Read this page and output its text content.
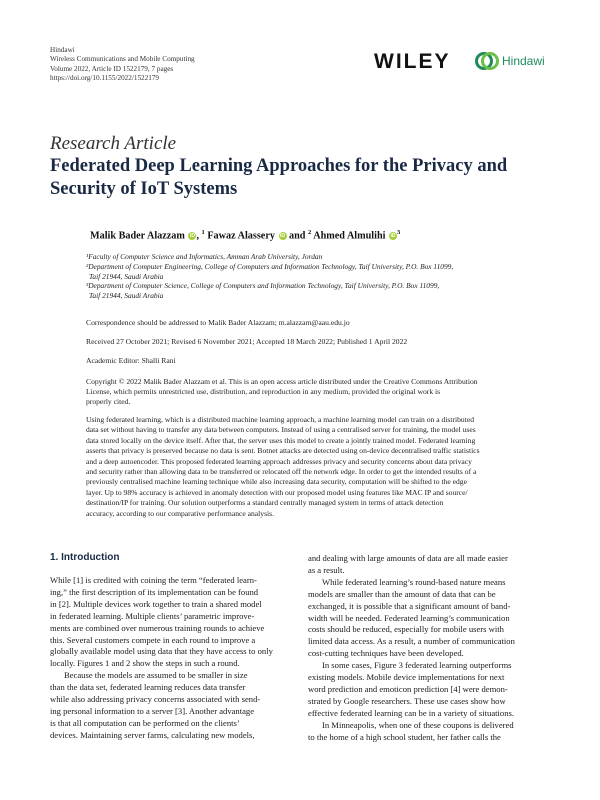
Hindawi
Wireless Communications and Mobile Computing
Volume 2022, Article ID 1522179, 7 pages
https://doi.org/10.1155/2022/1522179
WILEY	Hindawi
Research Article
Federated Deep Learning Approaches for the Privacy and
Security of IoT Systems
Malik Bader Alazzam iD , $^1$ Fawaz Alassery iD and $^2$ Ahmed Almulihi $iD^3$
¹Faculty of Computer Science and Informatics, Amman Arab University, Jordan
²Department of Computer Engineering, College of Computers and Information Technology, Taif University, P.O. Box 11099,
Taif 21944, Saudi Arabia
³Department of Computer Science, College of Computers and Information Technology, Taif University, P.O. Box 11099,
Taif 21944, Saudi Arabia
Correspondence should be addressed to Malik Bader Alazzam; m.alazzam@aau.edu.jo
Received 27 October 2021; Revised 6 November 2021; Accepted 18 March 2022; Published 1 April 2022
Academic Editor: Shalli Rani
Copyright © 2022 Malik Bader Alazzam et al. This is an open access article distributed under the Creative Commons Attribution
License, which permits unrestricted use, distribution, and reproduction in any medium, provided the original work is
properly cited.
Using federated learning, which is a distributed machine learning approach, a machine learning model can train on a distributed
data set without having to transfer any data between computers. Instead of using a centralised server for training, the model uses
data stored locally on the device itself. After that, the server uses this model to create a jointly trained model. Federated learning
asserts that privacy is preserved because no data is sent. Botnet attacks are detected using on-device decentralised traffic statistics
and a deep autoencoder. This proposed federated learning approach addresses privacy and security concerns about data privacy
and security rather than allowing data to be transferred or relocated off the network edge. In order to get the intended results of a
previously centralised machine learning technique while also increasing data security, computation will be shifted to the edge
layer. Up to 98% accuracy is achieved in anomaly detection with our proposed model using features like MAC IP and source/
destination/IP for training. Our solution outperforms a standard centrally managed system in terms of attack detection
accuracy, according to our comparative performance analysis.
1. Introduction
While [1] is credited with coining the term “federated learn-
ing,” the first description of its implementation can be found
in [2]. Multiple devices work together to train a shared model
in federated learning. Multiple clients’ parametric improve-
ments are combined over numerous training rounds to achieve
this. Several customers compete in each round to improve a
globally available model using data that they have access to only
locally. Figures 1 and 2 show the steps in such a round.
Because the models are assumed to be smaller in size
than the data set, federated learning reduces data transfer
while also addressing privacy concerns associated with send-
ing personal information to a server [3]. Another advantage
is that all computation can be performed on the clients’
devices. Maintaining server farms, calculating new models,
and dealing with large amounts of data are all made easier
as a result.
While federated learning’s round-based nature means
models are smaller than the amount of data that can be
exchanged, it is possible that a significant amount of band-
width will be needed. Federated learning’s communication
costs should be reduced, especially for mobile users with
limited data access. As a result, a number of communication
cost-cutting techniques have been developed.
In some cases, Figure 3 federated learning outperforms
existing models. Mobile device implementations for next
word prediction and emoticon prediction [4] were demon-
strated by Google researchers. These use cases show how
effective federated learning can be in a variety of situations.
In Minneapolis, when one of these coupons is delivered
to the home of a high school student, her father calls the
